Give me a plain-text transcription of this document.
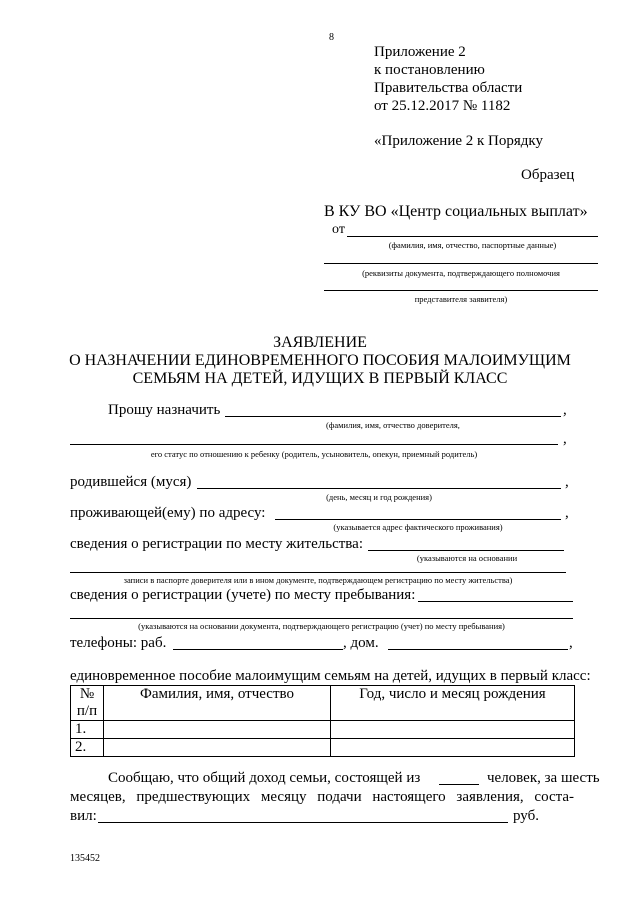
8
Приложение 2
к постановлению
Правительства области
от 25.12.2017 № 1182
«Приложение 2 к Порядку
Образец
В КУ ВО «Центр социальных выплат»
от
(фамилия, имя, отчество, паспортные данные)
(реквизиты документа, подтверждающего полномочия
представителя заявителя)
ЗАЯВЛЕНИЕ
О НАЗНАЧЕНИИ ЕДИНОВРЕМЕННОГО ПОСОБИЯ МАЛОИМУЩИМ
СЕМЬЯМ НА ДЕТЕЙ, ИДУЩИХ В ПЕРВЫЙ КЛАСС
Прошу назначить	,
(фамилия, имя, отчество доверителя,
,
его статус по отношению к ребенку (родитель, усыновитель, опекун, приемный родитель)
родившейся (муся)	,
(день, месяц и год рождения)
проживающей(ему) по адресу:	,
(указывается адрес фактического проживания)
сведения о регистрации по месту жительства:
(указываются на основании
записи в паспорте доверителя или в ином документе, подтверждающем регистрацию по месту жительства)
сведения о регистрации (учете) по месту пребывания:
(указываются на основании документа, подтверждающего регистрацию (учет) по месту пребывания)
телефоны: раб.	, дом.	,
единовременное пособие малоимущим семьям на детей, идущих в первый класс:
№ п/п	Фамилия, имя, отчество	Год, число и месяц рождения
1.		
2.		
Сообщаю, что общий доход семьи, состоящей из	человек, за шесть
месяцев, предшествующих месяцу подачи настоящего заявления, соста-
вил:	руб.
135452
